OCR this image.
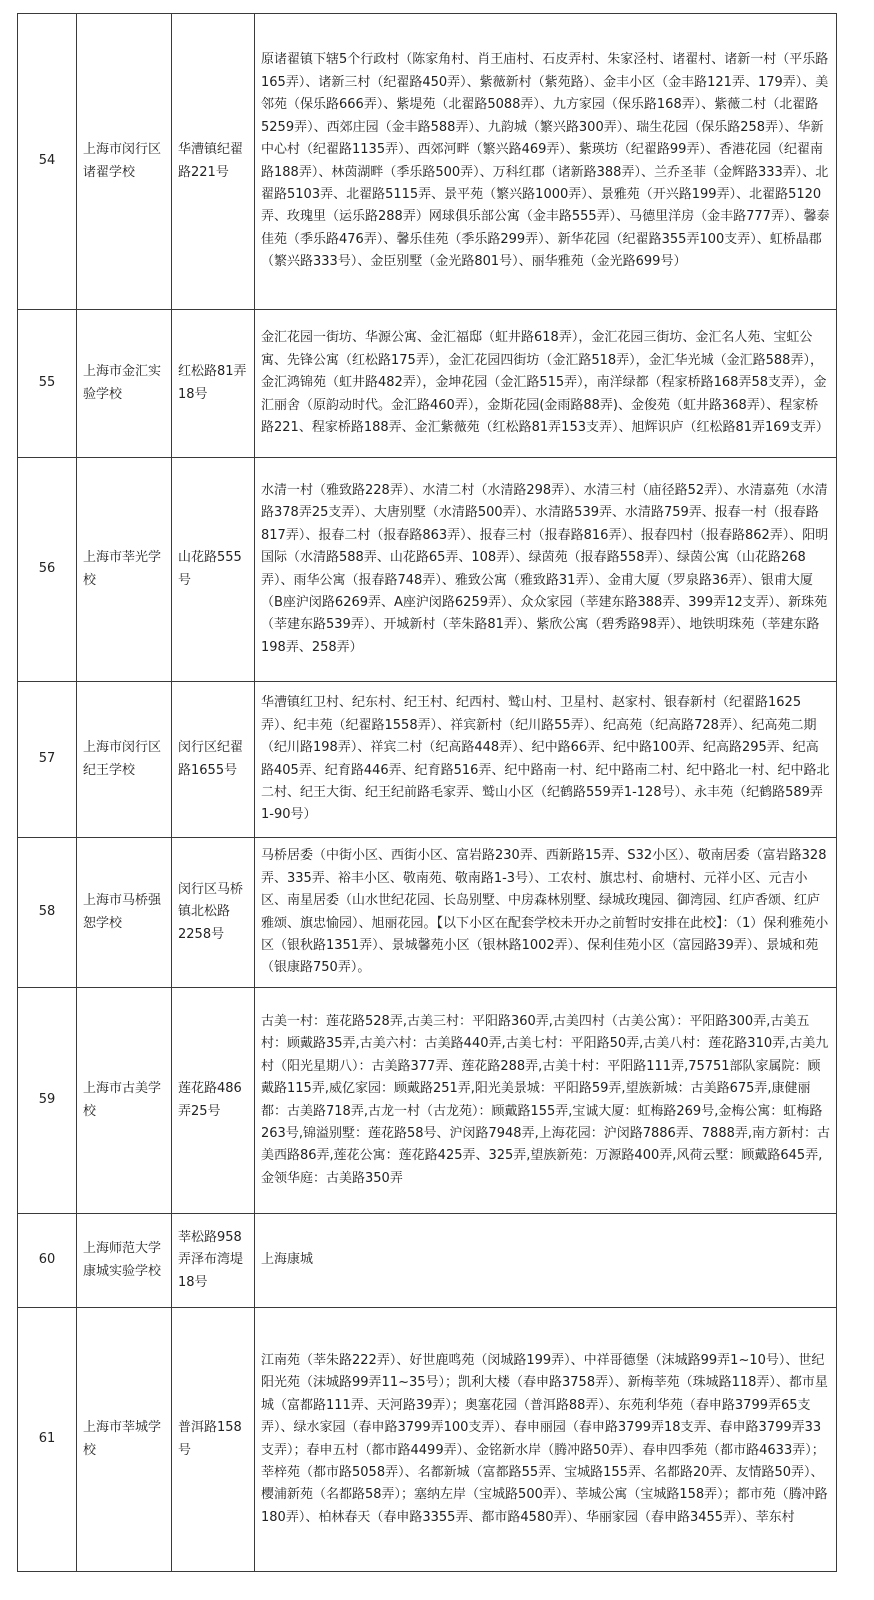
54	上海市闵行区诸翟学校	华漕镇纪翟路221号	原诸翟镇下辖5个行政村（陈家角村、肖王庙村、石皮弄村、朱家泾村、诸翟村、诸新一村（平乐路165弄）、诸新三村（纪翟路450弄）、紫薇新村（紫苑路）、金丰小区（金丰路121弄、179弄）、美邻苑（保乐路666弄）、紫堤苑（北翟路5088弄）、九方家园（保乐路168弄）、紫薇二村（北翟路5259弄）、西郊庄园（金丰路588弄）、九韵城（繁兴路300弄）、瑞生花园（保乐路258弄）、华新中心村（纪翟路1135弄）、西郊河畔（繁兴路469弄）、紫瑛坊（纪翟路99弄）、香港花园（纪翟南路188弄）、林茵湖畔（季乐路500弄）、万科红郡（诸新路388弄）、兰乔圣菲（金辉路333弄）、北翟路5103弄、北翟路5115弄、景平苑（繁兴路1000弄）、景雅苑（开兴路199弄）、北翟路5120弄、玫瑰里（运乐路288弄）网球俱乐部公寓（金丰路555弄）、马德里洋房（金丰路777弄）、馨泰佳苑（季乐路476弄）、馨乐佳苑（季乐路299弄）、新华花园（纪翟路355弄100支弄）、虹桥晶郡（繁兴路333号）、金臣别墅（金光路801号）、丽华雅苑（金光路699号）
55	上海市金汇实验学校	红松路81弄18号	金汇花园一街坊、华源公寓、金汇福邸（虹井路618弄），金汇花园三街坊、金汇名人苑、宝虹公寓、先锋公寓（红松路175弄），金汇花园四街坊（金汇路518弄），金汇华光城（金汇路588弄），金汇鸿锦苑（虹井路482弄），金坤花园（金汇路515弄），南洋绿都（程家桥路168弄58支弄），金汇丽舍（原韵动时代。金汇路460弄），金斯花园(金雨路88弄)、金俊苑（虹井路368弄）、程家桥路221、程家桥路188弄、金汇紫薇苑（红松路81弄153支弄）、旭辉识庐（红松路81弄169支弄）
56	上海市莘光学校	山花路555号	水清一村（雅致路228弄）、水清二村（水清路298弄）、水清三村（庙径路52弄）、水清嘉苑（水清路378弄25支弄）、大唐别墅（水清路500弄）、水清路539弄、水清路759弄、报春一村（报春路817弄）、报春二村（报春路863弄）、报春三村（报春路816弄）、报春四村（报春路862弄）、阳明国际（水清路588弄、山花路65弄、108弄）、绿茵苑（报春路558弄）、绿茵公寓（山花路268弄）、雨华公寓（报春路748弄）、雅致公寓（雅致路31弄）、金甫大厦（罗泉路36弄）、银甫大厦（B座沪闵路6269弄、A座沪闵路6259弄）、众众家园（莘建东路388弄、399弄12支弄）、新珠苑（莘建东路539弄）、开城新村（莘朱路81弄）、紫欣公寓（碧秀路98弄）、地铁明珠苑（莘建东路198弄、258弄）
57	上海市闵行区纪王学校	闵行区纪翟路1655号	华漕镇红卫村、纪东村、纪王村、纪西村、鹫山村、卫星村、赵家村、银春新村（纪翟路1625弄）、纪丰苑（纪翟路1558弄）、祥宾新村（纪川路55弄）、纪高苑（纪高路728弄）、纪高苑二期（纪川路198弄）、祥宾二村（纪高路448弄）、纪中路66弄、纪中路100弄、纪高路295弄、纪高路405弄、纪育路446弄、纪育路516弄、纪中路南一村、纪中路南二村、纪中路北一村、纪中路北二村、纪王大街、纪王纪前路毛家弄、鹫山小区（纪鹤路559弄1-128号）、永丰苑（纪鹤路589弄1-90号）
58	上海市马桥强恕学校	闵行区马桥镇北松路2258号	马桥居委（中街小区、西街小区、富岩路230弄、西新路15弄、S32小区）、敬南居委（富岩路328弄、335弄、裕丰小区、敬南苑、敬南路1-3号）、工农村、旗忠村、俞塘村、元祥小区、元吉小区、南星居委（山水世纪花园、长岛别墅、中房森林别墅、绿城玫瑰园、御湾园、红庐香颂、红庐雅颂、旗忠愉园）、旭丽花园。【以下小区在配套学校未开办之前暂时安排在此校】：（1）保利雅苑小区（银秋路1351弄）、景城馨苑小区（银林路1002弄）、保利佳苑小区（富园路39弄）、景城和苑（银康路750弄）。
59	上海市古美学校	莲花路486弄25号	古美一村：莲花路528弄,古美三村：平阳路360弄,古美四村（古美公寓）：平阳路300弄,古美五村：顾戴路35弄,古美六村：古美路440弄,古美七村：平阳路50弄,古美八村：莲花路310弄,古美九村（阳光星期八）：古美路377弄、莲花路288弄,古美十村：平阳路111弄,75751部队家属院：顾戴路115弄,威亿家园：顾戴路251弄,阳光美景城：平阳路59弄,望族新城：古美路675弄,康健丽都：古美路718弄,古龙一村（古龙苑）：顾戴路155弄,宝诚大厦：虹梅路269号,金梅公寓：虹梅路263号,锦溢别墅：莲花路58号、沪闵路7948弄,上海花园：沪闵路7886弄、7888弄,南方新村：古美西路86弄,莲花公寓：莲花路425弄、325弄,望族新苑：万源路400弄,风荷云墅：顾戴路645弄,金领华庭：古美路350弄
60	上海师范大学康城实验学校	莘松路958弄泽布湾堤18号	上海康城
61	上海市莘城学校	普洱路158号	江南苑（莘朱路222弄）、好世鹿鸣苑（闵城路199弄）、中祥哥德堡（沫城路99弄1~10号）、世纪阳光苑（沫城路99弄11~35号）；凯利大楼（春申路3758弄）、新梅莘苑（珠城路118弄）、都市星城（富都路111弄、天河路39弄）；奥塞花园（普洱路88弄）、东苑利华苑（春申路3799弄65支弄）、绿水家园（春申路3799弄100支弄）、春申丽园（春申路3799弄18支弄、春申路3799弄33支弄）；春申五村（都市路4499弄）、金铭新水岸（腾冲路50弄）、春申四季苑（都市路4633弄）；莘梓苑（都市路5058弄）、名都新城（富都路55弄、宝城路155弄、名都路20弄、友情路50弄）、樱浦新苑（名都路58弄）；塞纳左岸（宝城路500弄）、莘城公寓（宝城路158弄）；都市苑（腾冲路180弄）、柏林春天（春申路3355弄、都市路4580弄）、华丽家园（春申路3455弄）、莘东村
